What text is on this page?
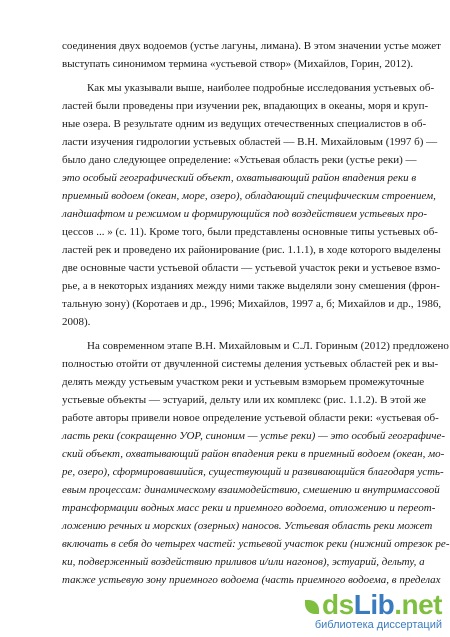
соединения двух водоемов (устье лагуны, лимана). В этом значении устье может
выступать синонимом термина «устьевой створ» (Михайлов, Горин, 2012).
Как мы указывали выше, наиболее подробные исследования устьевых об-
ластей были проведены при изучении рек, впадающих в океаны, моря и круп-
ные озера. В результате одним из ведущих отечественных специалистов в об-
ласти изучения гидрологии устьевых областей — В.Н. Михайловым (1997 б) —
было дано следующее определение: «Устьевая область реки (устье реки) —
это особый географический объект, охватывающий район впадения реки в
приемный водоем (океан, море, озеро), обладающий специфическим строением,
ландшафтом и режимом и формирующийся под воздействием устьевых про-
цессов ... » (с. 11). Кроме того, были представлены основные типы устьевых об-
ластей рек и проведено их районирование (рис. 1.1.1), в ходе которого выделены
две основные части устьевой области — устьевой участок реки и устьевое взмо-
рье, а в некоторых изданиях между ними также выделяли зону смешения (фрон-
тальную зону) (Коротаев и др., 1996; Михайлов, 1997 а, б; Михайлов и др., 1986,
2008).
На современном этапе В.Н. Михайловым и С.Л. Гориным (2012) предложено
полностью отойти от двучленной системы деления устьевых областей рек и вы-
делять между устьевым участком реки и устьевым взморьем промежуточные
устьевые объекты — эстуарий, дельту или их комплекс (рис. 1.1.2). В этой же
работе авторы привели новое определение устьевой области реки: «устьевая об-
ласть реки (сокращенно УОР, синоним — устье реки) — это особый географиче-
ский объект, охватывающий район впадения реки в приемный водоем (океан, мо-
ре, озеро), сформировавшийся, существующий и развивающийся благодаря усть-
евым процессам: динамическому взаимодействию, смешению и внутримассовой
трансформации водных масс реки и приемного водоема, отложению и переот-
ложению речных и морских (озерных) наносов. Устьевая область реки может
включать в себя до четырех частей: устьевой участок реки (нижний отрезок ре-
ки, подверженный воздействию приливов и/или нагонов), эстуарий, дельту, а
также устьевую зону приемного водоема (часть приемного водоема, в пределах
dsLib.net
библиотека диссертаций
